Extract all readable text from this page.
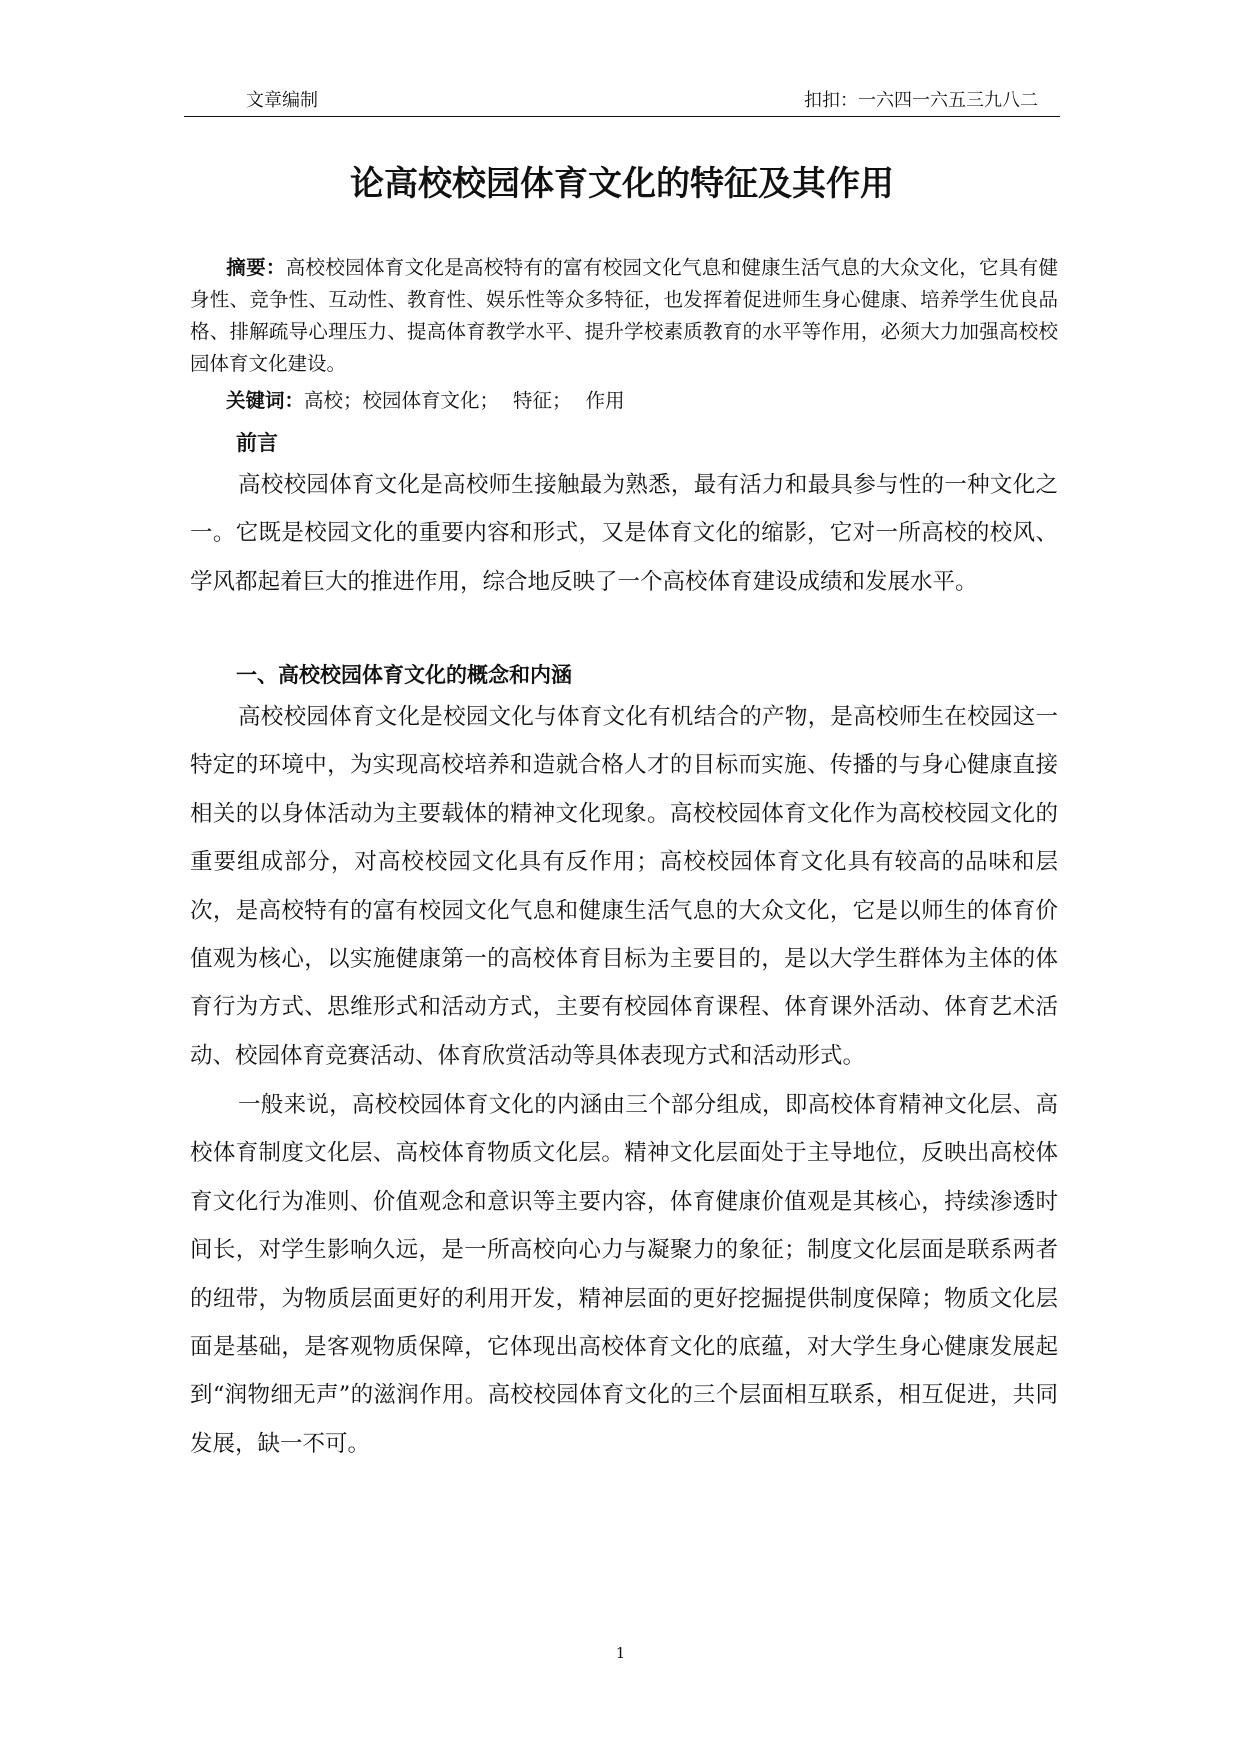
文章编制	扣扣：一六四一六五三九八二
论高校校园体育文化的特征及其作用

摘要：高校校园体育文化是高校特有的富有校园文化气息和健康生活气息的大众文化，它具有健身性、竞争性、互动性、教育性、娱乐性等众多特征，也发挥着促进师生身心健康、培养学生优良品格、排解疏导心理压力、提高体育教学水平、提升学校素质教育的水平等作用，必须大力加强高校校园体育文化建设。

关键词：高校；校园体育文化； 特征； 作用

前言

高校校园体育文化是高校师生接触最为熟悉，最有活力和最具参与性的一种文化之一。它既是校园文化的重要内容和形式，又是体育文化的缩影，它对一所高校的校风、学风都起着巨大的推进作用，综合地反映了一个高校体育建设成绩和发展水平。

一、高校校园体育文化的概念和内涵

高校校园体育文化是校园文化与体育文化有机结合的产物，是高校师生在校园这一特定的环境中，为实现高校培养和造就合格人才的目标而实施、传播的与身心健康直接相关的以身体活动为主要载体的精神文化现象。高校校园体育文化作为高校校园文化的重要组成部分，对高校校园文化具有反作用；高校校园体育文化具有较高的品味和层次，是高校特有的富有校园文化气息和健康生活气息的大众文化，它是以师生的体育价值观为核心，以实施健康第一的高校体育目标为主要目的，是以大学生群体为主体的体育行为方式、思维形式和活动方式，主要有校园体育课程、体育课外活动、体育艺术活动、校园体育竞赛活动、体育欣赏活动等具体表现方式和活动形式。

一般来说，高校校园体育文化的内涵由三个部分组成，即高校体育精神文化层、高校体育制度文化层、高校体育物质文化层。精神文化层面处于主导地位，反映出高校体育文化行为准则、价值观念和意识等主要内容，体育健康价值观是其核心，持续渗透时间长，对学生影响久远，是一所高校向心力与凝聚力的象征；制度文化层面是联系两者的纽带，为物质层面更好的利用开发，精神层面的更好挖掘提供制度保障；物质文化层面是基础，是客观物质保障，它体现出高校体育文化的底蕴，对大学生身心健康发展起到“润物细无声”的滋润作用。高校校园体育文化的三个层面相互联系，相互促进，共同发展，缺一不可。

1
